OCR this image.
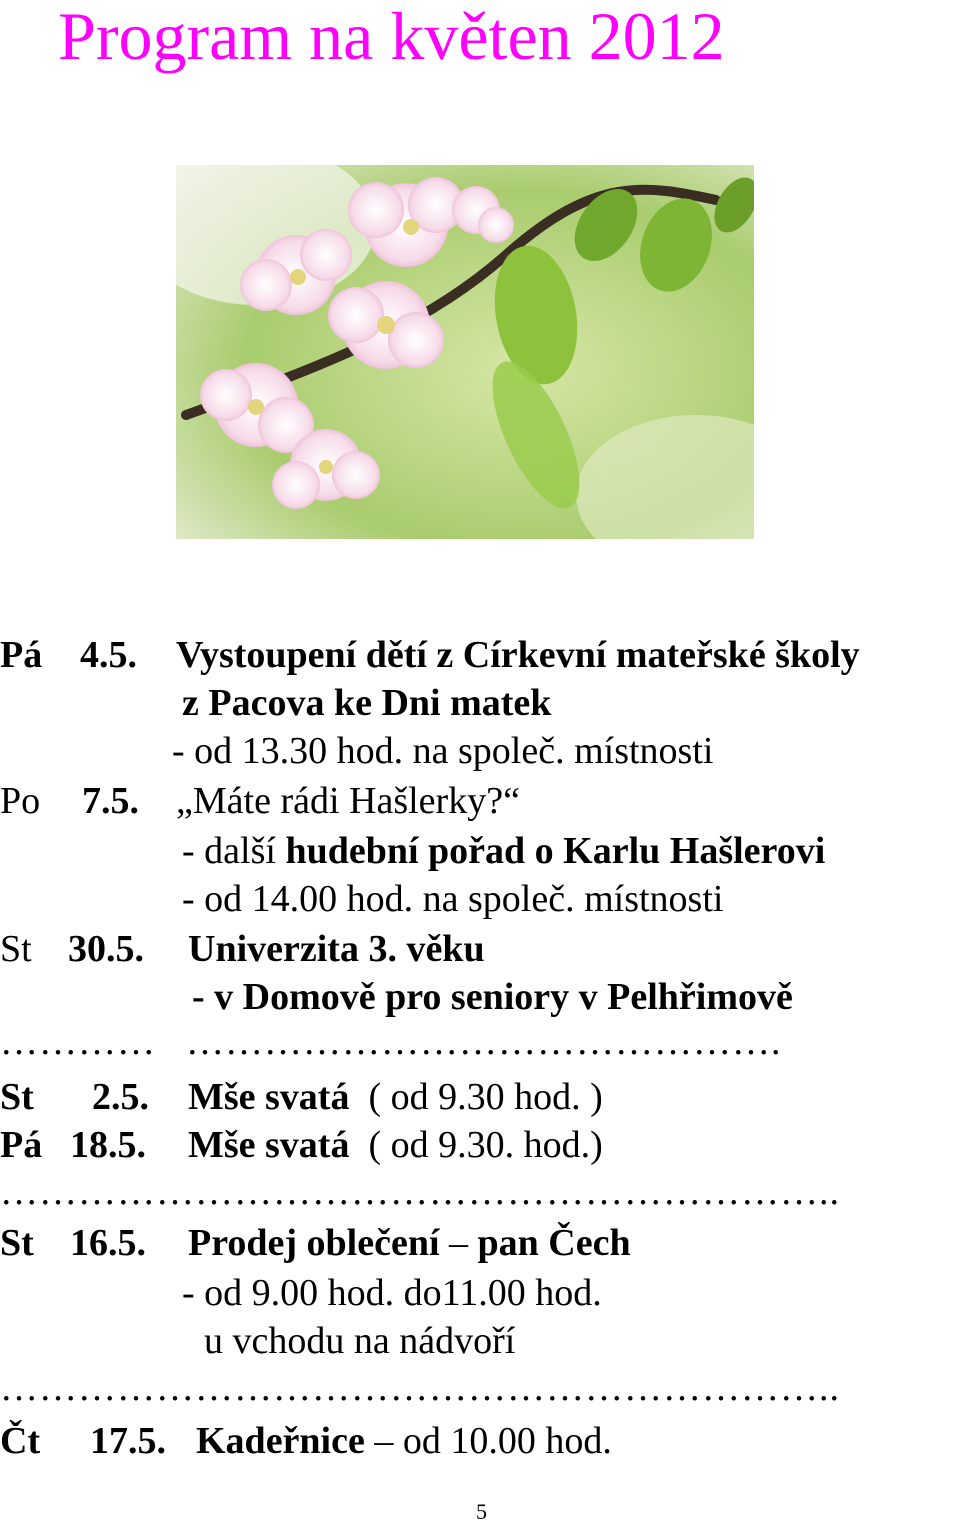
Program na květen 2012
Pá 4.5. Vystoupení dětí z Církevní mateřské školy
z Pacova ke Dni matek
- od 13.30 hod. na společ. místnosti
Po 7.5. „Máte rádi Hašlerky?“
- další hudební pořad o Karlu Hašlerovi
- od 14.00 hod. na společ. místnosti
St 30.5. Univerzita 3. věku
- v Domově pro seniory v Pelhřimově
………… ……………………………………….
St 2.5. Mše svatá ( od 9.30 hod. )
Pá 18.5. Mše svatá ( od 9.30. hod.)
………………………………………………………..
St 16.5. Prodej oblečení – pan Čech
- od 9.00 hod. do11.00 hod.
u vchodu na nádvoří
………………………………………………………..
Čt 17.5. Kadeřnice – od 10.00 hod.
5
